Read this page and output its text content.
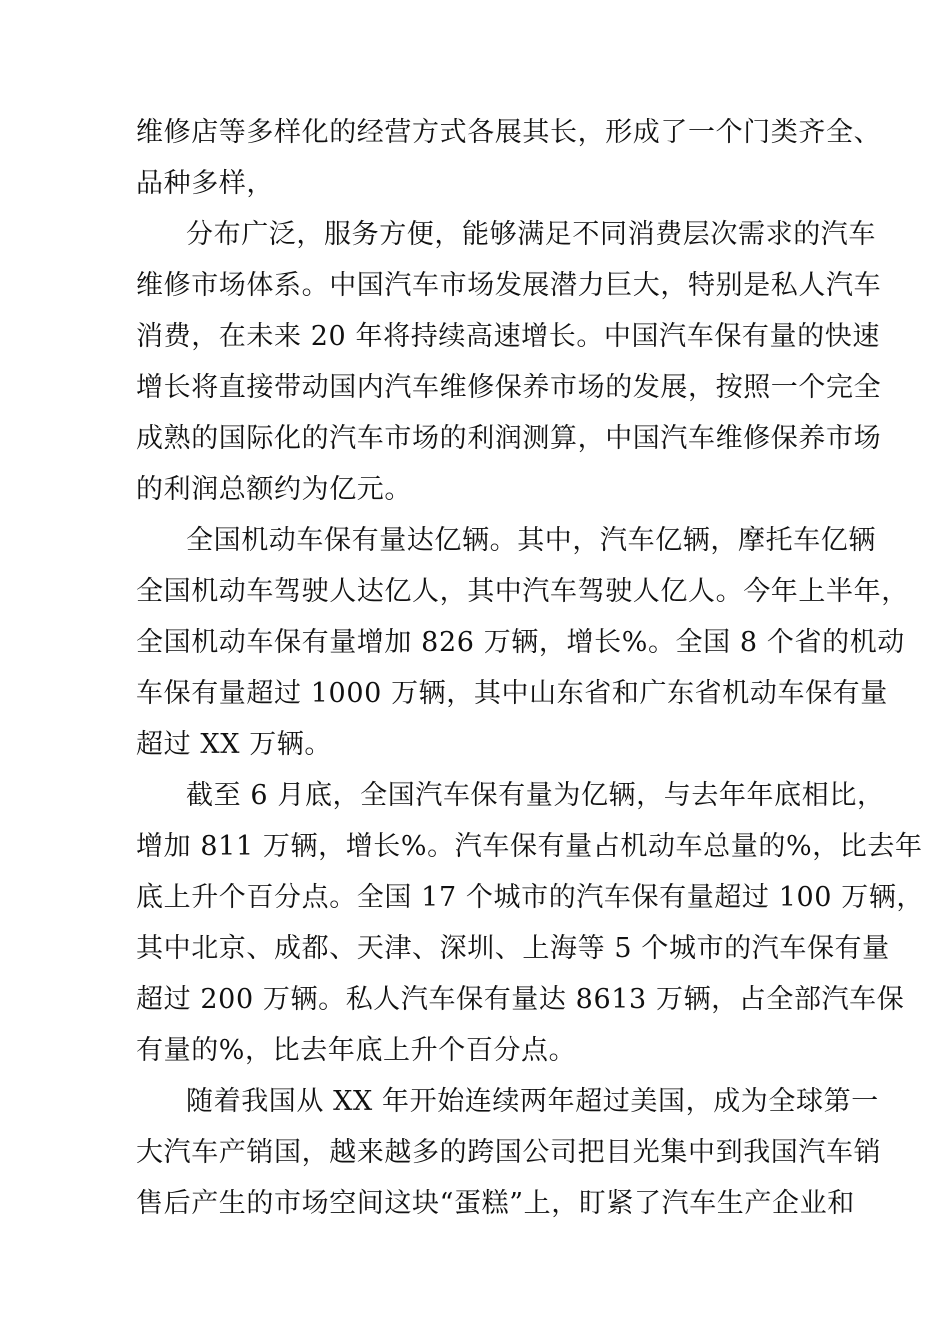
维修店等多样化的经营方式各展其长，形成了一个门类齐全、
品种多样，
分布广泛，服务方便，能够满足不同消费层次需求的汽车
维修市场体系。中国汽车市场发展潜力巨大，特别是私人汽车
消费，在未来 20 年将持续高速增长。中国汽车保有量的快速
增长将直接带动国内汽车维修保养市场的发展，按照一个完全
成熟的国际化的汽车市场的利润测算，中国汽车维修保养市场
的利润总额约为亿元。
全国机动车保有量达亿辆。其中，汽车亿辆，摩托车亿辆
全国机动车驾驶人达亿人，其中汽车驾驶人亿人。今年上半年，
全国机动车保有量增加 826 万辆，增长%。全国 8 个省的机动
车保有量超过 1000 万辆，其中山东省和广东省机动车保有量
超过 XX 万辆。
截至 6 月底，全国汽车保有量为亿辆，与去年年底相比，
增加 811 万辆，增长%。汽车保有量占机动车总量的%，比去年
底上升个百分点。全国 17 个城市的汽车保有量超过 100 万辆，
其中北京、成都、天津、深圳、上海等 5 个城市的汽车保有量
超过 200 万辆。私人汽车保有量达 8613 万辆，占全部汽车保
有量的%，比去年底上升个百分点。
随着我国从 XX 年开始连续两年超过美国，成为全球第一
大汽车产销国，越来越多的跨国公司把目光集中到我国汽车销
售后产生的市场空间这块“蛋糕”上，盯紧了汽车生产企业和
